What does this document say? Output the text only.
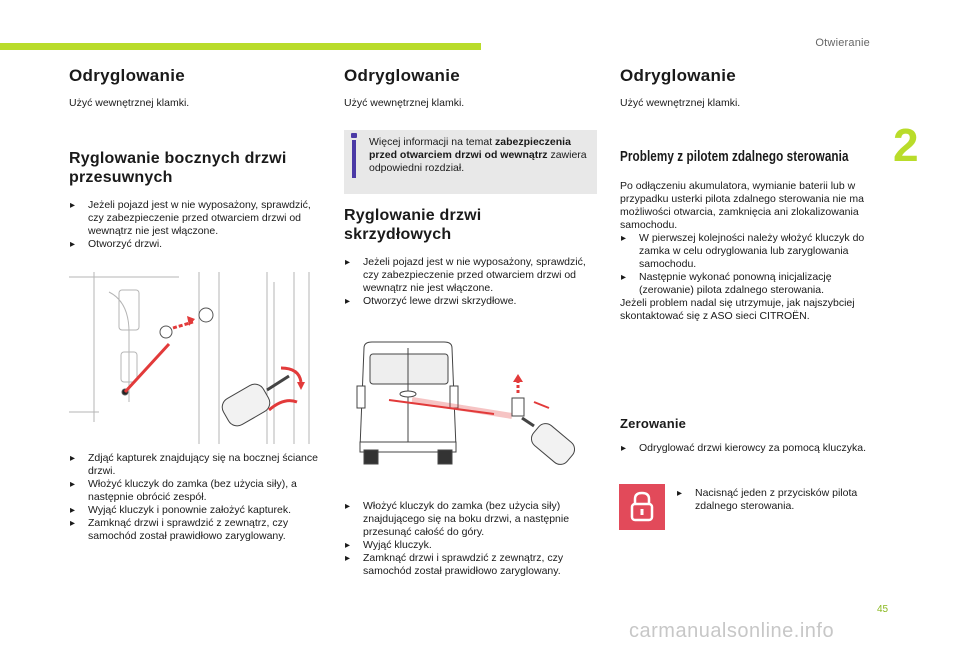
Otwieranie
2
45
carmanualsonline.info
Odryglowanie

Użyć wewnętrznej klamki.

Ryglowanie bocznych drzwi
przesuwnych
▸ Jeżeli pojazd jest w nie wyposażony, sprawdzić, czy zabezpieczenie przed otwarciem drzwi od wewnątrz nie jest włączone.
▸ Otworzyć drzwi.
▸ Zdjąć kapturek znajdujący się na bocznej ściance drzwi.
▸ Włożyć kluczyk do zamka (bez użycia siły), a następnie obrócić zespół.
▸ Wyjąć kluczyk i ponownie założyć kapturek.
▸ Zamknąć drzwi i sprawdzić z zewnątrz, czy samochód został prawidłowo zaryglowany.
Odryglowanie

Użyć wewnętrznej klamki.

Więcej informacji na temat zabezpieczenia przed otwarciem drzwi od wewnątrz zawiera odpowiedni rozdział.
Ryglowanie drzwi
skrzydłowych
▸ Jeżeli pojazd jest w nie wyposażony, sprawdzić, czy zabezpieczenie przed otwarciem drzwi od wewnątrz nie jest włączone.
▸ Otworzyć lewe drzwi skrzydłowe.
▸ Włożyć kluczyk do zamka (bez użycia siły) znajdującego się na boku drzwi, a następnie przesunąć całość do góry.
▸ Wyjąć kluczyk.
▸ Zamknąć drzwi i sprawdzić z zewnątrz, czy samochód został prawidłowo zaryglowany.
Odryglowanie

Użyć wewnętrznej klamki.

Problemy z pilotem zdalnego sterowania

Po odłączeniu akumulatora, wymianie baterii lub w przypadku usterki pilota zdalnego sterowania nie ma możliwości otwarcia, zamknięcia ani zlokalizowania samochodu.

▸ W pierwszej kolejności należy włożyć kluczyk do zamka w celu odryglowania lub zaryglowania samochodu.
▸ Następnie wykonać ponowną inicjalizację (zerowanie) pilota zdalnego sterowania.

Jeżeli problem nadal się utrzymuje, jak najszybciej skontaktować się z ASO sieci CITROËN.

Zerowanie
▸ Odryglować drzwi kierowcy za pomocą kluczyka.
▸ Nacisnąć jeden z przycisków pilota zdalnego sterowania.
